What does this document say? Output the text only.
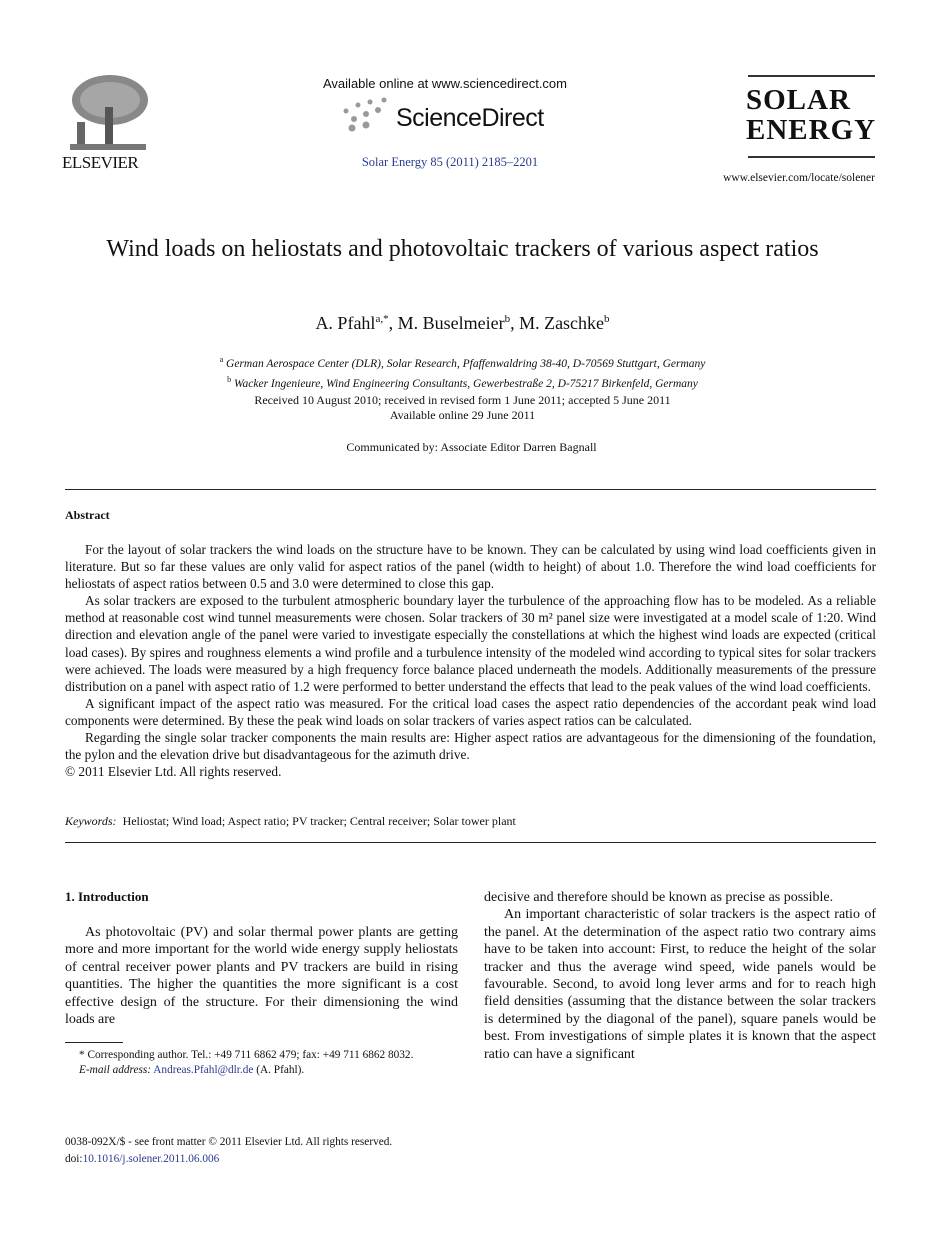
ELSEVIER
Available online at www.sciencedirect.com
ScienceDirect
Solar Energy 85 (2011) 2185–2201
SOLAR
ENERGY
www.elsevier.com/locate/solener
Wind loads on heliostats and photovoltaic trackers of various aspect ratios
A. Pfahl$^{a,*}$, M. Buselmeier$^b$, M. Zaschke$^b$
$^a$ German Aerospace Center (DLR), Solar Research, Pfaffenwaldring 38-40, D-70569 Stuttgart, Germany
$^b$ Wacker Ingenieure, Wind Engineering Consultants, Gewerbestraße 2, D-75217 Birkenfeld, Germany
Received 10 August 2010; received in revised form 1 June 2011; accepted 5 June 2011
Available online 29 June 2011
Communicated by: Associate Editor Darren Bagnall
Abstract

For the layout of solar trackers the wind loads on the structure have to be known. They can be calculated by using wind load coefficients given in literature. But so far these values are only valid for aspect ratios of the panel (width to height) of about 1.0. Therefore the wind load coefficients for heliostats of aspect ratios between 0.5 and 3.0 were determined to close this gap.

As solar trackers are exposed to the turbulent atmospheric boundary layer the turbulence of the approaching flow has to be modeled. As a reliable method at reasonable cost wind tunnel measurements were chosen. Solar trackers of 30 m² panel size were investigated at a model scale of 1:20. Wind direction and elevation angle of the panel were varied to investigate especially the constellations at which the highest wind loads are expected (critical load cases). By spires and roughness elements a wind profile and a turbulence intensity of the modeled wind according to typical sites for solar trackers were achieved. The loads were measured by a high frequency force balance placed underneath the models. Additionally measurements of the pressure distribution on a panel with aspect ratio of 1.2 were performed to better understand the effects that lead to the peak values of the wind load coefficients.

A significant impact of the aspect ratio was measured. For the critical load cases the aspect ratio dependencies of the accordant peak wind load components were determined. By these the peak wind loads on solar trackers of varies aspect ratios can be calculated.

Regarding the single solar tracker components the main results are: Higher aspect ratios are advantageous for the dimensioning of the foundation, the pylon and the elevation drive but disadvantageous for the azimuth drive.

© 2011 Elsevier Ltd. All rights reserved.

Keywords: Heliostat; Wind load; Aspect ratio; PV tracker; Central receiver; Solar tower plant
1. Introduction

As photovoltaic (PV) and solar thermal power plants are getting more and more important for the world wide energy supply heliostats of central receiver power plants and PV trackers are build in rising quantities. The higher the quantities the more significant is a cost effective design of the structure. For their dimensioning the wind loads are

* Corresponding author. Tel.: +49 711 6862 479; fax: +49 711 6862 8032.
E-mail address: Andreas.Pfahl@dlr.de (A. Pfahl).
0038-092X/$ - see front matter © 2011 Elsevier Ltd. All rights reserved.
doi:10.1016/j.solener.2011.06.006

decisive and therefore should be known as precise as possible.

An important characteristic of solar trackers is the aspect ratio of the panel. At the determination of the aspect ratio two contrary aims have to be taken into account: First, to reduce the height of the solar tracker and thus the average wind speed, wide panels would be favourable. Second, to avoid long lever arms and for to reach high field densities (assuming that the distance between the solar trackers is determined by the diagonal of the panel), square panels would be best. From investigations of simple plates it is known that the aspect ratio can have a significant
